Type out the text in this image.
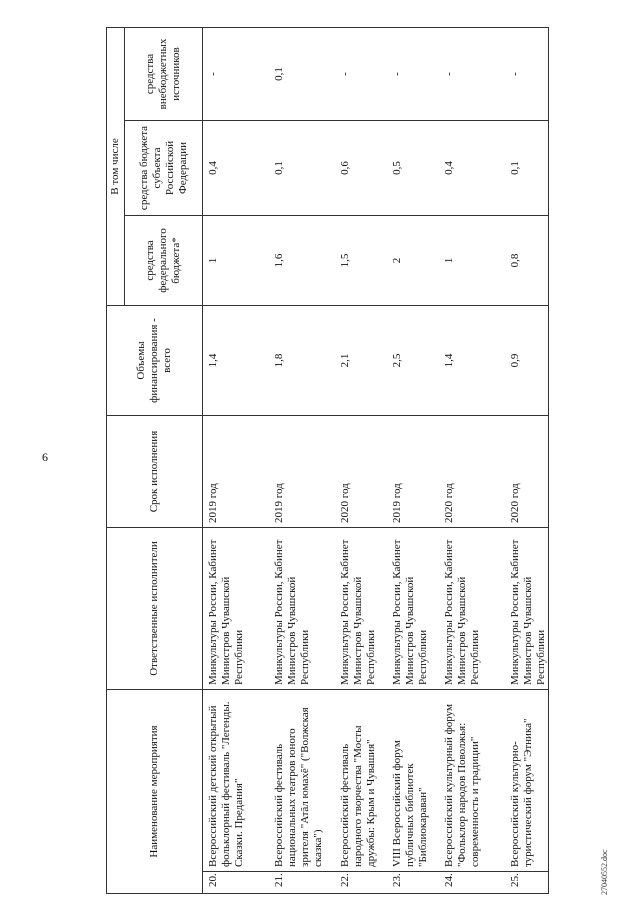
6
Наименование мероприятия		Ответственные исполнители	Срок исполнения	Объемы финансирования - всего	В том числе		
					средства федерального бюджета*	средства бюджета субъекта Российской Федерации	средства внебюджетных источников
20.	Всероссийский детский открытый фольклорный фестиваль "Легенды. Сказки. Предания"	Минкультуры России, Кабинет Министров Чувашской Республики	2019 год	1,4	1	0,4	-
21.	Всероссийский фестиваль национальных театров юного зрителя "Атăл юмахĕ" ("Волжская сказка")	Минкультуры России, Кабинет Министров Чувашской Республики	2019 год	1,8	1,6	0,1	0,1
22.	Всероссийский фестиваль народного творчества "Мосты дружбы: Крым и Чувашия"	Минкультуры России, Кабинет Министров Чувашской Республики	2020 год	2,1	1,5	0,6	-
23.	VIII Всероссийский форум публичных библиотек "Библиокараван"	Минкультуры России, Кабинет Министров Чувашской Республики	2019 год	2,5	2	0,5	-
24.	Всероссийский культурный форум "Фольклор народов Поволжья: современность и традиции"	Минкультуры России, Кабинет Министров Чувашской Республики	2020 год	1,4	1	0,4	-
25.	Всероссийский культурно-туристический форум "Этника"	Минкультуры России, Кабинет Министров Чувашской Республики	2020 год	0,9	0,8	0,1	-
27040552.doc
